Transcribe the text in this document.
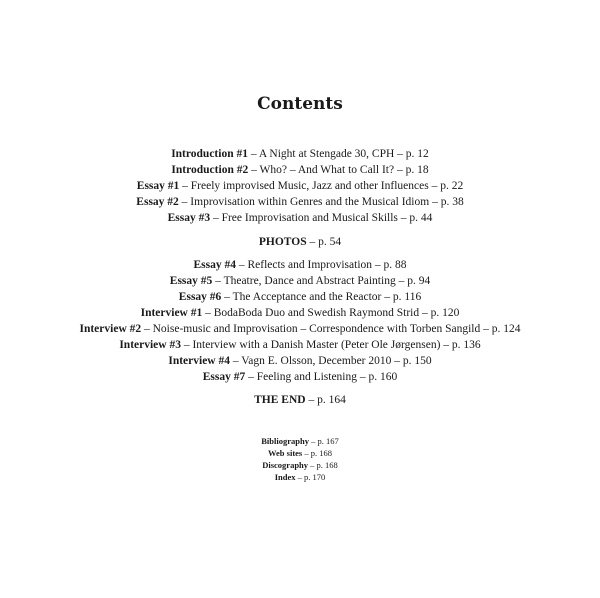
Contents
Introduction #1 – A Night at Stengade 30, CPH – p. 12
Introduction #2 – Who? – And What to Call It? – p. 18
Essay #1 – Freely improvised Music, Jazz and other Influences – p. 22
Essay #2 – Improvisation within Genres and the Musical Idiom – p. 38
Essay #3 – Free Improvisation and Musical Skills – p. 44
PHOTOS – p. 54
Essay #4 – Reflects and Improvisation – p. 88
Essay #5 – Theatre, Dance and Abstract Painting – p. 94
Essay #6 – The Acceptance and the Reactor – p. 116
Interview #1 – BodaBoda Duo and Swedish Raymond Strid – p. 120
Interview #2 – Noise-music and Improvisation – Correspondence with Torben Sangild – p. 124
Interview #3 – Interview with a Danish Master (Peter Ole Jørgensen) – p. 136
Interview #4 – Vagn E. Olsson, December 2010 – p. 150
Essay #7 – Feeling and Listening – p. 160
THE END – p. 164
Bibliography – p. 167
Web sites – p. 168
Discography – p. 168
Index – p. 170
